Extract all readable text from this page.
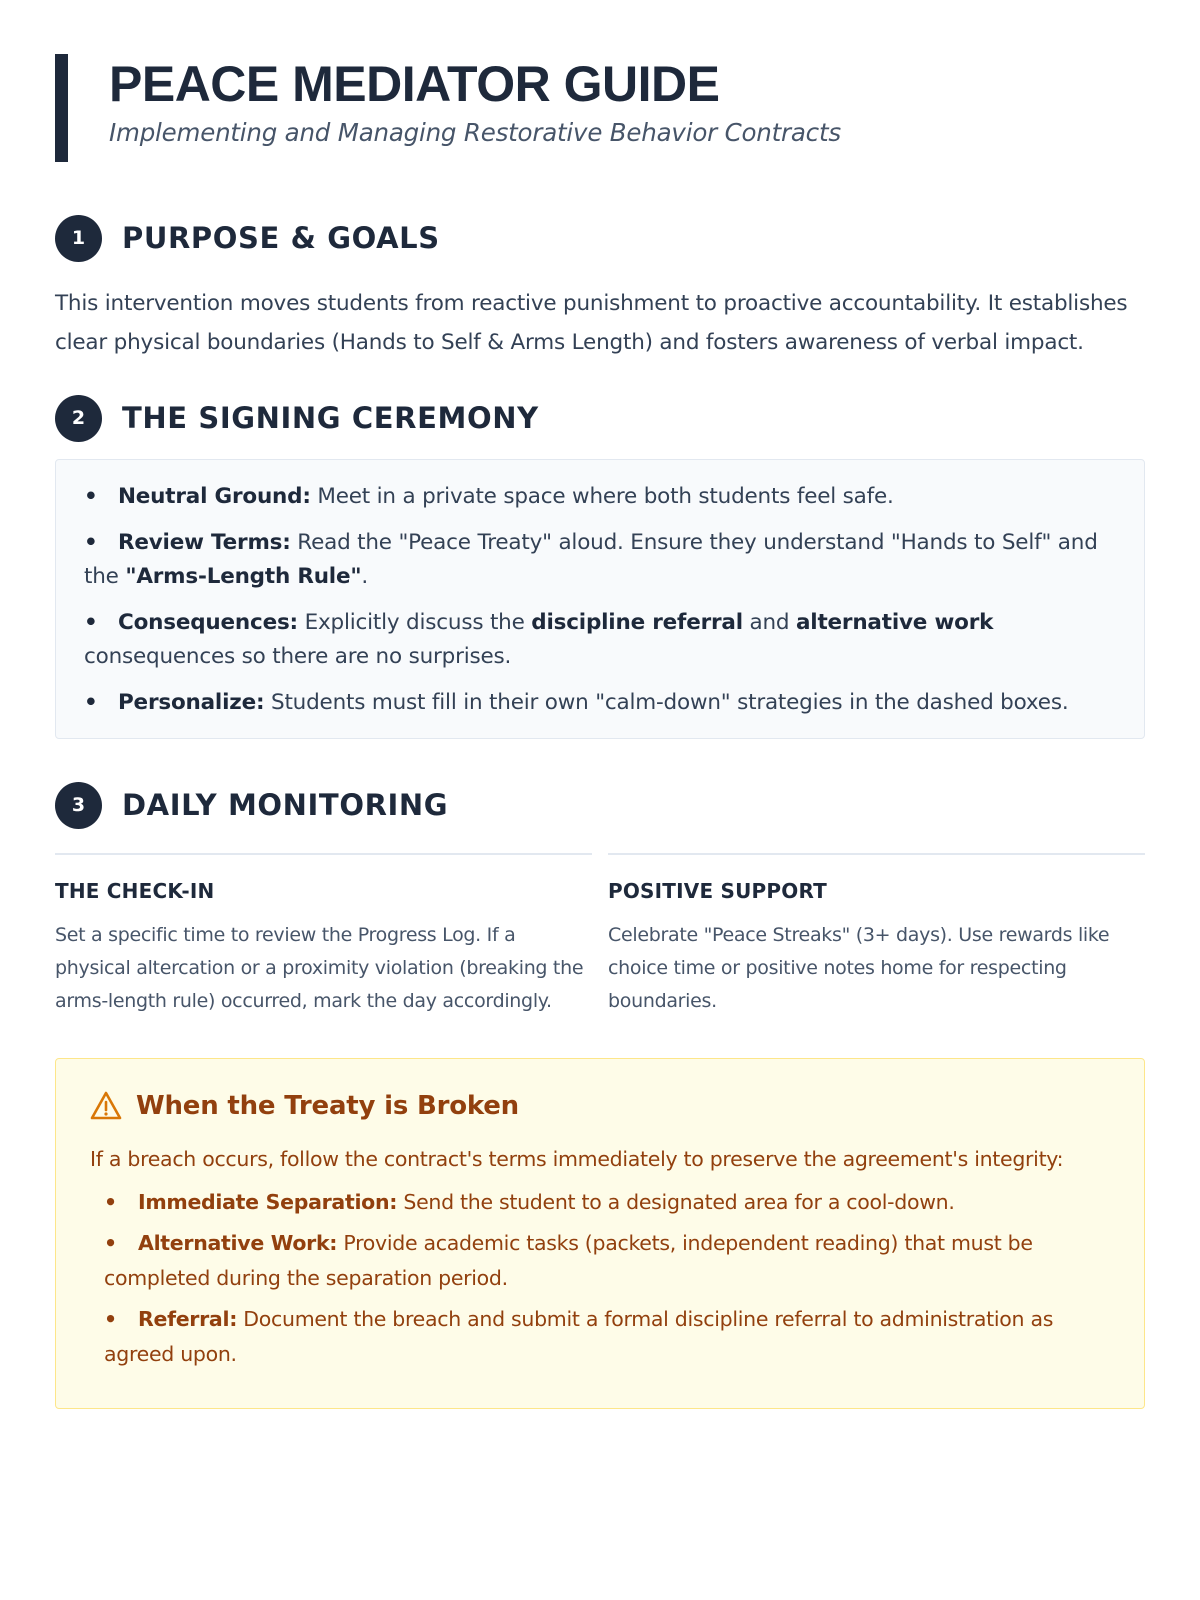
PEACE MEDIATOR GUIDE
Implementing and Managing Restorative Behavior Contracts
1	PURPOSE & GOALS

This intervention moves students from reactive punishment to proactive accountability. It establishes clear physical boundaries (Hands to Self & Arms Length) and fosters awareness of verbal impact.

2	THE SIGNING CEREMONY
• Neutral Ground: Meet in a private space where both students feel safe.
• Review Terms: Read the "Peace Treaty" aloud. Ensure they understand "Hands to Self" and the "Arms-Length Rule".
• Consequences: Explicitly discuss the discipline referral and alternative work consequences so there are no surprises.
• Personalize: Students must fill in their own "calm-down" strategies in the dashed boxes.
3	DAILY MONITORING
THE CHECK-IN

Set a specific time to review the Progress Log. If a physical altercation or a proximity violation (breaking the arms-length rule) occurred, mark the day accordingly.

POSITIVE SUPPORT

Celebrate "Peace Streaks" (3+ days). Use rewards like choice time or positive notes home for respecting boundaries.

When the Treaty is Broken

If a breach occurs, follow the contract's terms immediately to preserve the agreement's integrity:

• Immediate Separation: Send the student to a designated area for a cool-down.
• Alternative Work: Provide academic tasks (packets, independent reading) that must be completed during the separation period.
• Referral: Document the breach and submit a formal discipline referral to administration as agreed upon.
